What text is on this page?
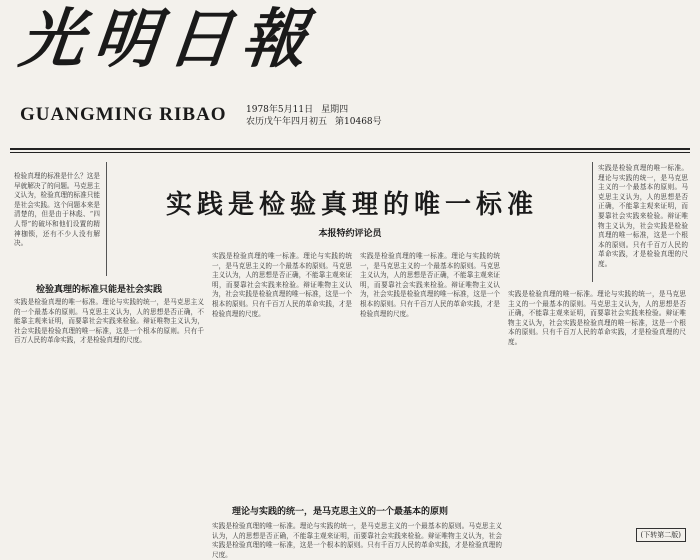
光明日報
GUANGMING RIBAO 1978年5月11日 星期四
农历戊午年四月初五 第10468号
检验真理的标准是什么？这是早就解决了的问题。马克思主义认为，检验真理的标准只能是社会实践。这个问题本来是清楚的，但是由于林彪、“四人帮”的破坏和他们设置的精神枷锁，还有不少人没有解决。
实践是检验真理的唯一标准
本报特约评论员
实践是检验真理的唯一标准。理论与实践的统一，是马克思主义的一个最基本的原则。马克思主义认为，人的思想是否正确，不能靠主观来证明，而要靠社会实践来检验。辩证唯物主义认为，社会实践是检验真理的唯一标准，这是一个根本的原则。只有千百万人民的革命实践，才是检验真理的尺度。
检验真理的标准只能是社会实践
实践是检验真理的唯一标准。理论与实践的统一，是马克思主义的一个最基本的原则。马克思主义认为，人的思想是否正确，不能靠主观来证明，而要靠社会实践来检验。辩证唯物主义认为，社会实践是检验真理的唯一标准，这是一个根本的原则。只有千百万人民的革命实践，才是检验真理的尺度。
实践是检验真理的唯一标准。理论与实践的统一，是马克思主义的一个最基本的原则。马克思主义认为，人的思想是否正确，不能靠主观来证明，而要靠社会实践来检验。辩证唯物主义认为，社会实践是检验真理的唯一标准，这是一个根本的原则。只有千百万人民的革命实践，才是检验真理的尺度。
实践是检验真理的唯一标准。理论与实践的统一，是马克思主义的一个最基本的原则。马克思主义认为，人的思想是否正确，不能靠主观来证明，而要靠社会实践来检验。辩证唯物主义认为，社会实践是检验真理的唯一标准，这是一个根本的原则。只有千百万人民的革命实践，才是检验真理的尺度。
实践是检验真理的唯一标准。理论与实践的统一，是马克思主义的一个最基本的原则。马克思主义认为，人的思想是否正确，不能靠主观来证明，而要靠社会实践来检验。辩证唯物主义认为，社会实践是检验真理的唯一标准，这是一个根本的原则。只有千百万人民的革命实践，才是检验真理的尺度。
理论与实践的统一，是马克思主义的一个最基本的原则
实践是检验真理的唯一标准。理论与实践的统一，是马克思主义的一个最基本的原则。马克思主义认为，人的思想是否正确，不能靠主观来证明，而要靠社会实践来检验。辩证唯物主义认为，社会实践是检验真理的唯一标准，这是一个根本的原则。只有千百万人民的革命实践，才是检验真理的尺度。
(下转第二版)
